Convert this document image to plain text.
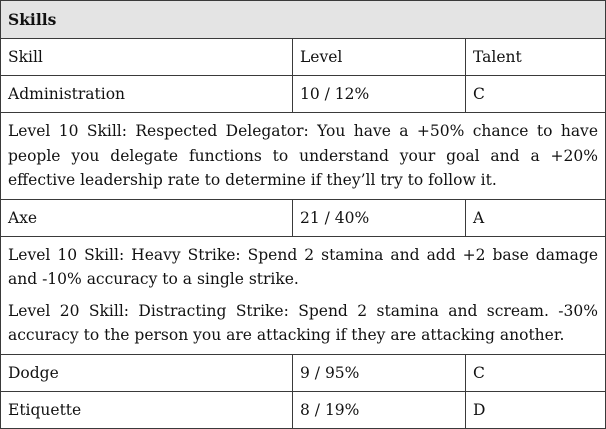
Skills		
Skill	Level	Talent
Administration	10 / 12%	C

Level 10 Skill: Respected Delegator: You have a +50% chance to have people you delegate functions to understand your goal and a +20% effective leadership rate to determine if they’ll try to follow it.		

Axe	21 / 40%	A

Level 10 Skill: Heavy Strike: Spend 2 stamina and add +2 base damage and -10% accuracy to a single strike.

Level 20 Skill: Distracting Strike: Spend 2 stamina and scream. -30% accuracy to the person you are attacking if they are attacking another.		

Dodge	9 / 95%	C
Etiquette	8 / 19%	D
